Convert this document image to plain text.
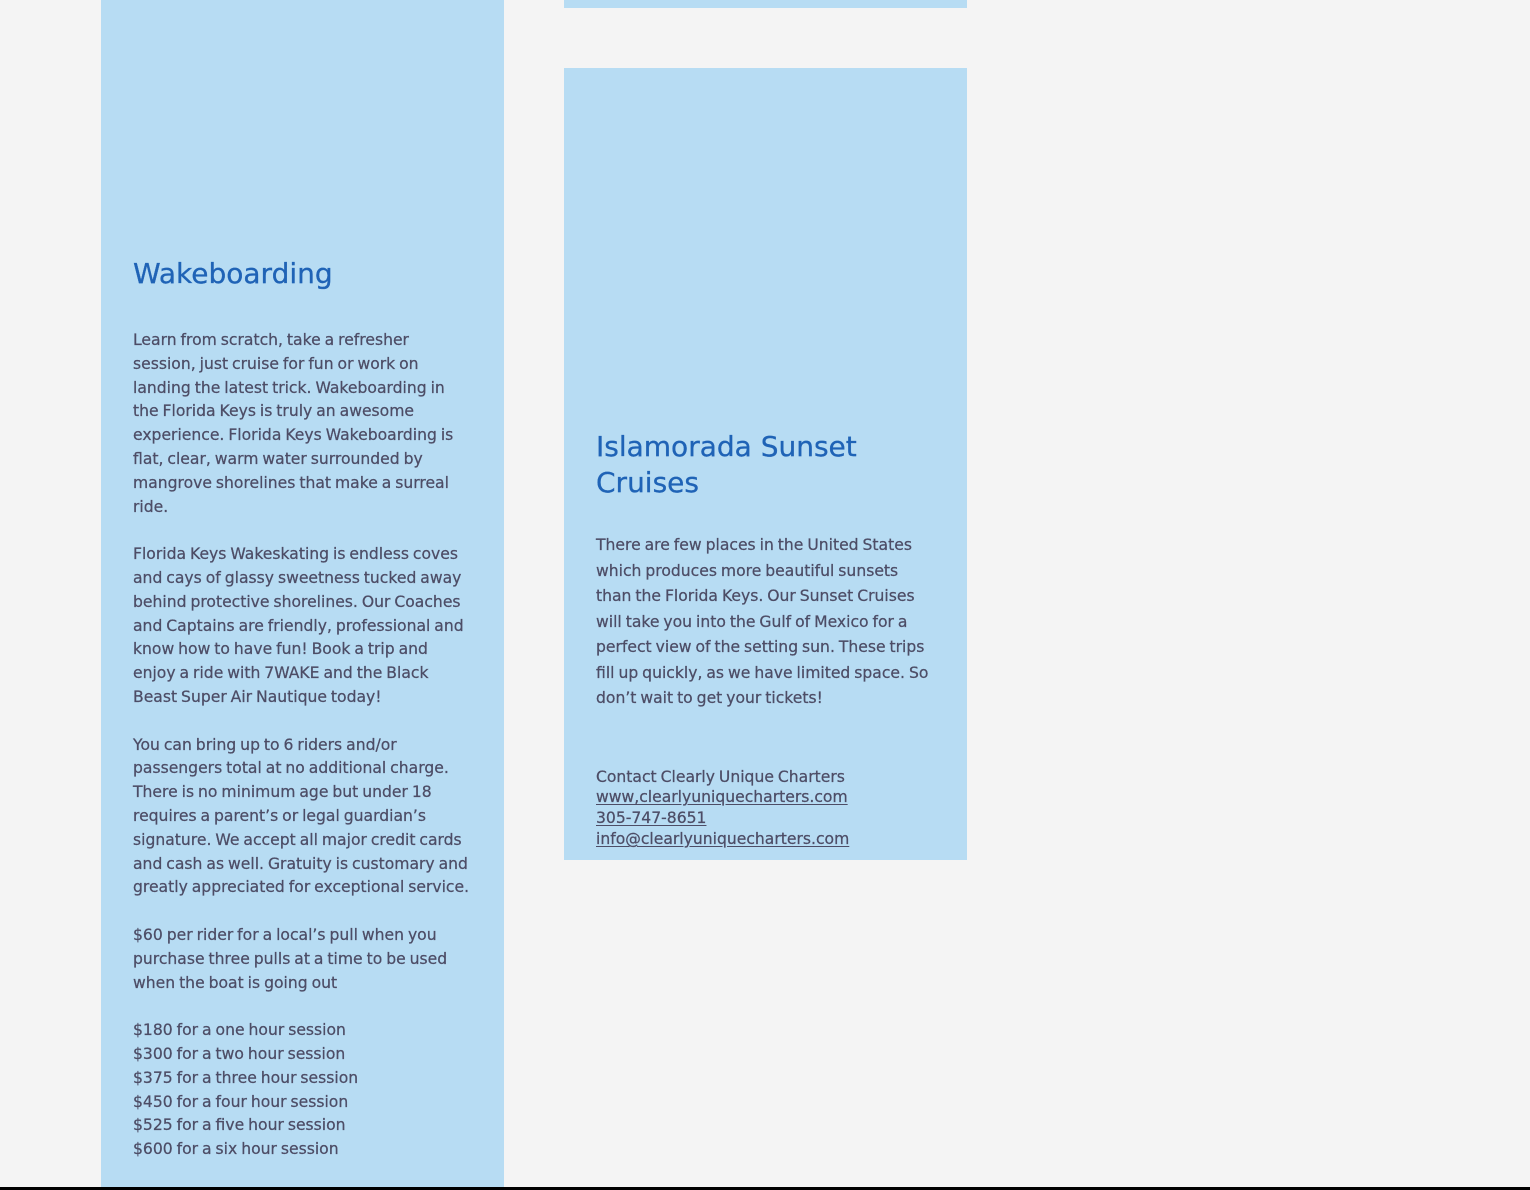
Wakeboarding

Learn from scratch, take a refresher session, just cruise for fun or work on landing the latest trick. Wakeboarding in the Florida Keys is truly an awesome experience. Florida Keys Wakeboarding is flat, clear, warm water surrounded by mangrove shorelines that make a surreal ride.

Florida Keys Wakeskating is endless coves and cays of glassy sweetness tucked away behind protective shorelines. Our Coaches and Captains are friendly, professional and know how to have fun! Book a trip and enjoy a ride with 7WAKE and the Black Beast Super Air Nautique today!

You can bring up to 6 riders and/or passengers total at no additional charge. There is no minimum age but under 18 requires a parent’s or legal guardian’s signature. We accept all major credit cards and cash as well. Gratuity is customary and greatly appreciated for exceptional service.

$60 per rider for a local’s pull when you purchase three pulls at a time to be used when the boat is going out

$180 for a one hour session
$300 for a two hour session
$375 for a three hour session
$450 for a four hour session
$525 for a five hour session
$600 for a six hour session

Islamorada Sunset Cruises

There are few places in the United States which produces more beautiful sunsets than the Florida Keys. Our Sunset Cruises will take you into the Gulf of Mexico for a perfect view of the setting sun. These trips fill up quickly, as we have limited space. So don’t wait to get your tickets!

Contact Clearly Unique Charters
www,clearlyuniquecharters.com
305-747-8651
info@clearlyuniquecharters.com
